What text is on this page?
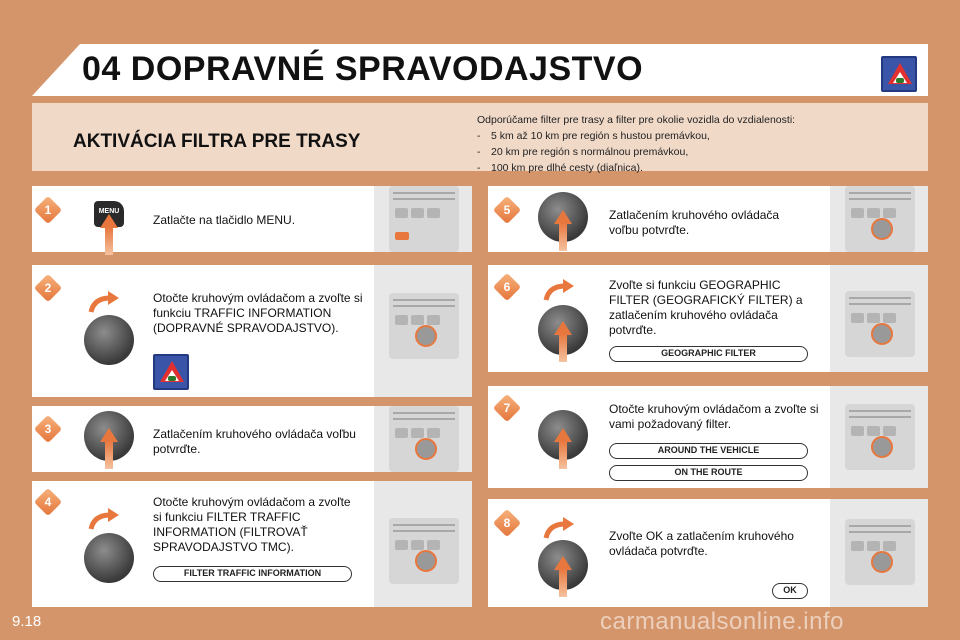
04 DOPRAVNÉ SPRAVODAJSTVO
AKTIVÁCIA FILTRA PRE TRASY
Odporúčame filter pre trasy a filter pre okolie vozidla do vzdialenosti:
- 5 km až 10 km pre región s hustou premávkou,
- 20 km pre región s normálnou premávkou,
- 100 km pre dlhé cesty (diaľnica).
1	MENU
Zatlačte na tlačidlo MENU.
2
Otočte kruhovým ovládačom a zvoľte si funkciu TRAFFIC INFORMATION (DOPRAVNÉ SPRAVODAJSTVO).
3	Zatlačením kruhového ovládača voľbu potvrďte.
4	Otočte kruhovým ovládačom a zvoľte si funkciu FILTER TRAFFIC INFORMATION (FILTROVAŤ SPRAVODAJSTVO TMC).
FILTER TRAFFIC INFORMATION
5	Zatlačením kruhového ovládača voľbu potvrďte.
6	Zvoľte si funkciu GEOGRAPHIC FILTER (GEOGRAFICKÝ FILTER) a zatlačením kruhového ovládača potvrďte.
GEOGRAPHIC FILTER
7	Otočte kruhovým ovládačom a zvoľte si vami požadovaný filter.
AROUND THE VEHICLE
ON THE ROUTE
8
Zvoľte OK a zatlačením kruhového ovládača potvrďte.
OK
9.18	carmanualsonline.info
